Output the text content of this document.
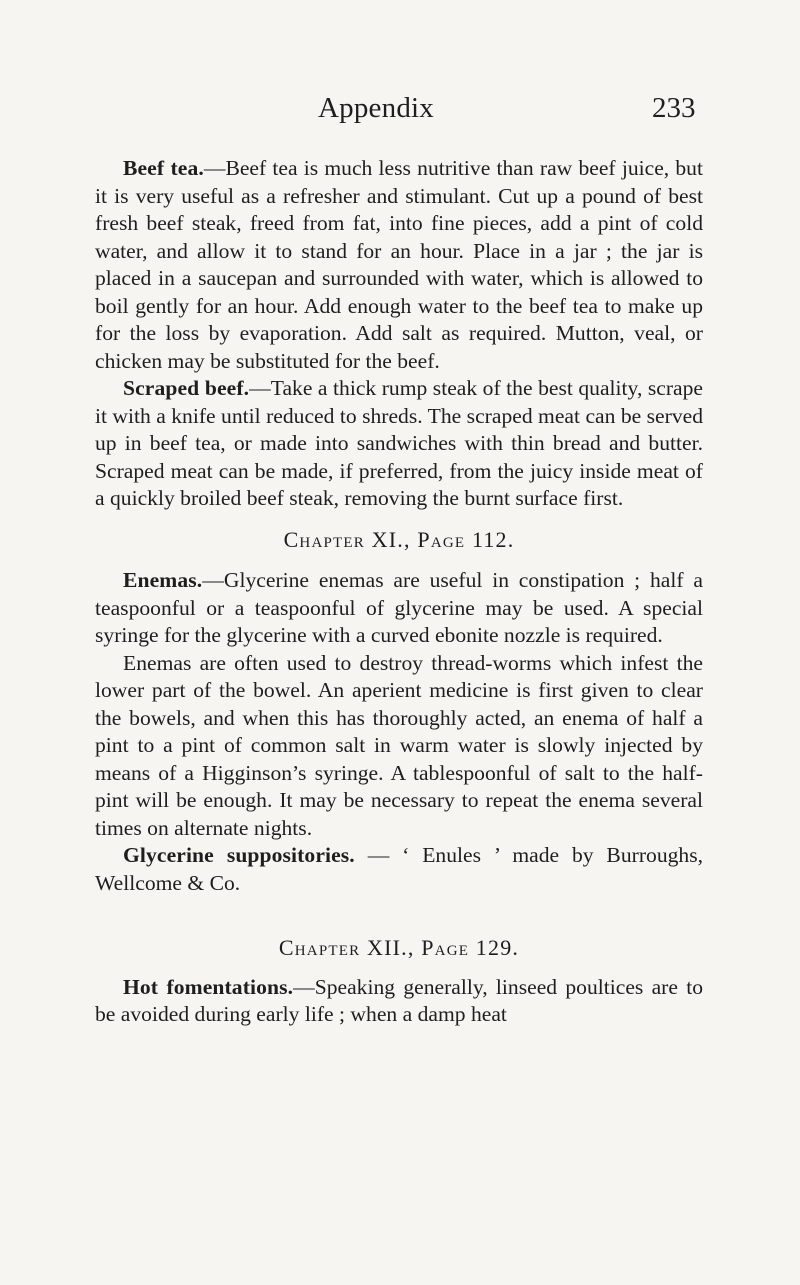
Appendix	233

Beef tea.—Beef tea is much less nutritive than raw beef juice, but it is very useful as a refresher and stimulant. Cut up a pound of best fresh beef steak, freed from fat, into fine pieces, add a pint of cold water, and allow it to stand for an hour. Place in a jar ; the jar is placed in a saucepan and surrounded with water, which is allowed to boil gently for an hour. Add enough water to the beef tea to make up for the loss by evaporation. Add salt as required. Mutton, veal, or chicken may be substituted for the beef.

Scraped beef.—Take a thick rump steak of the best quality, scrape it with a knife until reduced to shreds. The scraped meat can be served up in beef tea, or made into sandwiches with thin bread and butter. Scraped meat can be made, if preferred, from the juicy inside meat of a quickly broiled beef steak, removing the burnt surface first.

Chapter XI., Page 112.

Enemas.—Glycerine enemas are useful in constipation ; half a teaspoonful or a teaspoonful of glycerine may be used. A special syringe for the glycerine with a curved ebonite nozzle is required.

Enemas are often used to destroy thread-worms which infest the lower part of the bowel. An aperient medicine is first given to clear the bowels, and when this has thoroughly acted, an enema of half a pint to a pint of common salt in warm water is slowly injected by means of a Higginson’s syringe. A tablespoonful of salt to the half-pint will be enough. It may be necessary to repeat the enema several times on alternate nights.

Glycerine suppositories. — ‘ Enules ’ made by Burroughs, Wellcome & Co.

Chapter XII., Page 129.

Hot fomentations.—Speaking generally, linseed poultices are to be avoided during early life ; when a damp heat
